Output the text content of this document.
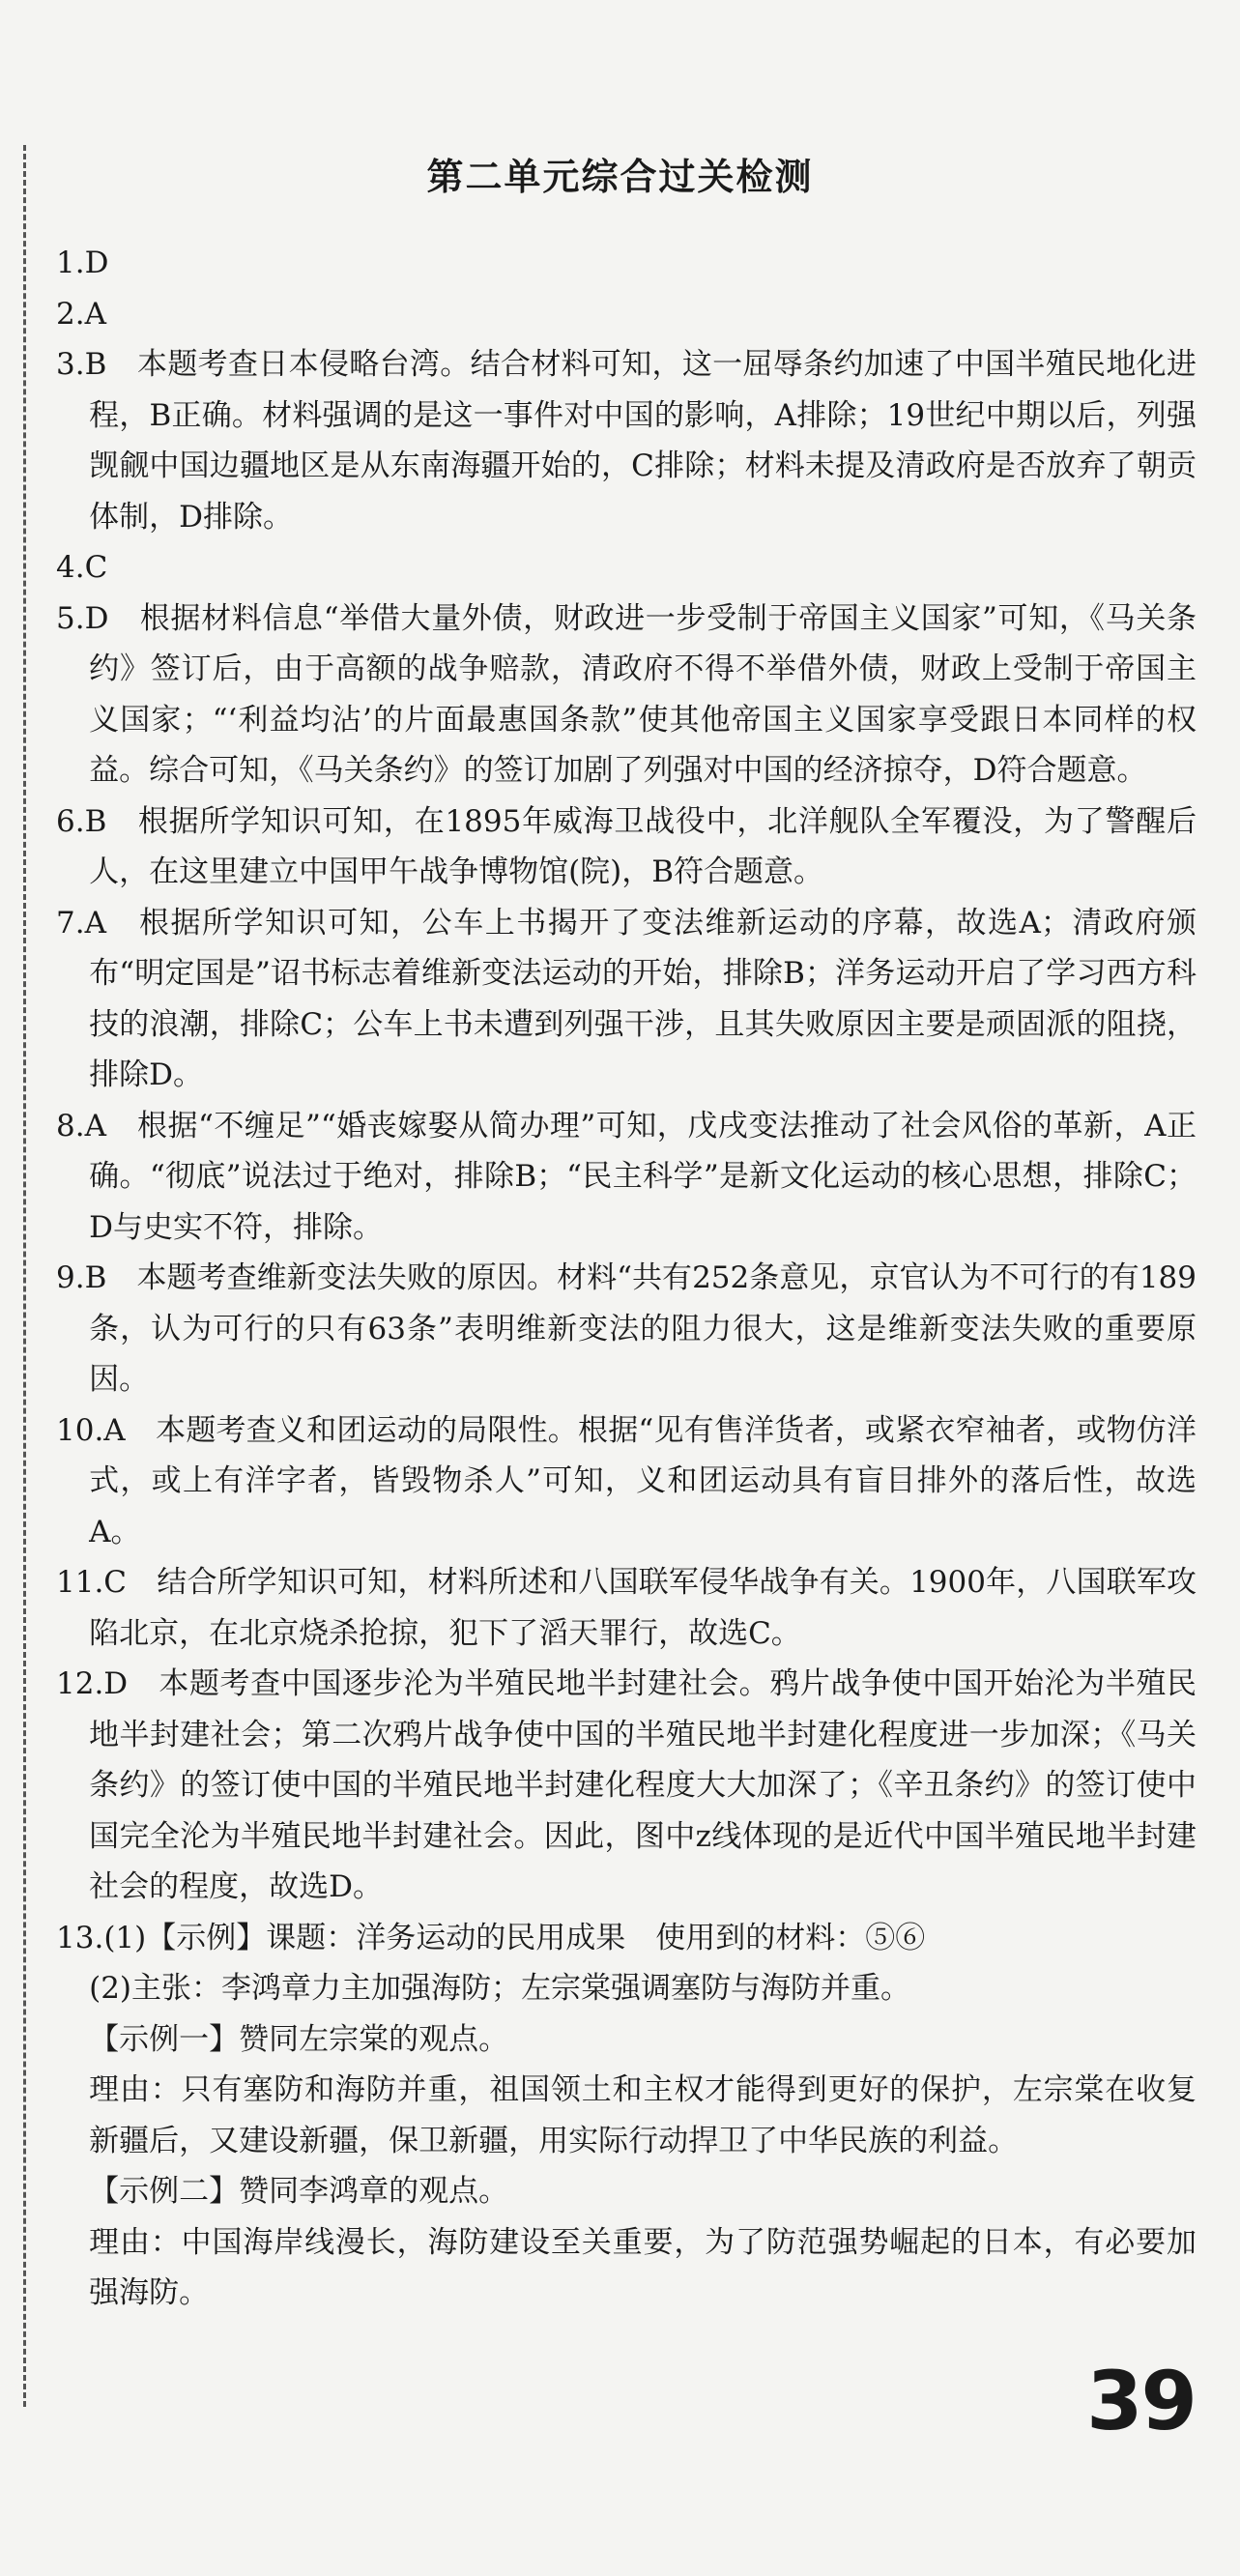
第二单元综合过关检测

1.D

2.A

3.B　 本题考查日本侵略台湾。结合材料可知，这一屈辱条约加速了中国半殖民地化进程，B正确。材料强调的是这一事件对中国的影响，A排除；19世纪中期以后，列强觊觎中国边疆地区是从东南海疆开始的，C排除；材料未提及清政府是否放弃了朝贡体制，D排除。

4.C

5.D　 根据材料信息“举借大量外债，财政进一步受制于帝国主义国家”可知，《马关条约》签订后，由于高额的战争赔款，清政府不得不举借外债，财政上受制于帝国主义国家；“‘利益均沾’的片面最惠国条款”使其他帝国主义国家享受跟日本同样的权益。综合可知，《马关条约》的签订加剧了列强对中国的经济掠夺，D符合题意。

6.B　 根据所学知识可知，在1895年威海卫战役中，北洋舰队全军覆没，为了警醒后人，在这里建立中国甲午战争博物馆(院)，B符合题意。

7.A　 根据所学知识可知，公车上书揭开了变法维新运动的序幕，故选A；清政府颁布“明定国是”诏书标志着维新变法运动的开始，排除B；洋务运动开启了学习西方科技的浪潮，排除C；公车上书未遭到列强干涉，且其失败原因主要是顽固派的阻挠，排除D。

8.A　 根据“不缠足”“婚丧嫁娶从简办理”可知，戊戌变法推动了社会风俗的革新，A正确。“彻底”说法过于绝对，排除B；“民主科学”是新文化运动的核心思想，排除C；D与史实不符，排除。

9.B　 本题考查维新变法失败的原因。材料“共有252条意见，京官认为不可行的有189条，认为可行的只有63条”表明维新变法的阻力很大，这是维新变法失败的重要原因。

10.A　 本题考查义和团运动的局限性。根据“见有售洋货者，或紧衣窄袖者，或物仿洋式，或上有洋字者，皆毁物杀人”可知，义和团运动具有盲目排外的落后性，故选A。

11.C　 结合所学知识可知，材料所述和八国联军侵华战争有关。1900年，八国联军攻陷北京，在北京烧杀抢掠，犯下了滔天罪行，故选C。

12.D　 本题考查中国逐步沦为半殖民地半封建社会。鸦片战争使中国开始沦为半殖民地半封建社会；第二次鸦片战争使中国的半殖民地半封建化程度进一步加深；《马关条约》的签订使中国的半殖民地半封建化程度大大加深了；《辛丑条约》的签订使中国完全沦为半殖民地半封建社会。因此，图中z线体现的是近代中国半殖民地半封建社会的程度，故选D。

13.(1)【示例】课题：洋务运动的民用成果　使用到的材料：⑤⑥

(2)主张：李鸿章力主加强海防；左宗棠强调塞防与海防并重。

【示例一】赞同左宗棠的观点。

理由：只有塞防和海防并重，祖国领土和主权才能得到更好的保护，左宗棠在收复新疆后，又建设新疆，保卫新疆，用实际行动捍卫了中华民族的利益。

【示例二】赞同李鸿章的观点。

理由：中国海岸线漫长，海防建设至关重要，为了防范强势崛起的日本，有必要加强海防。

39
